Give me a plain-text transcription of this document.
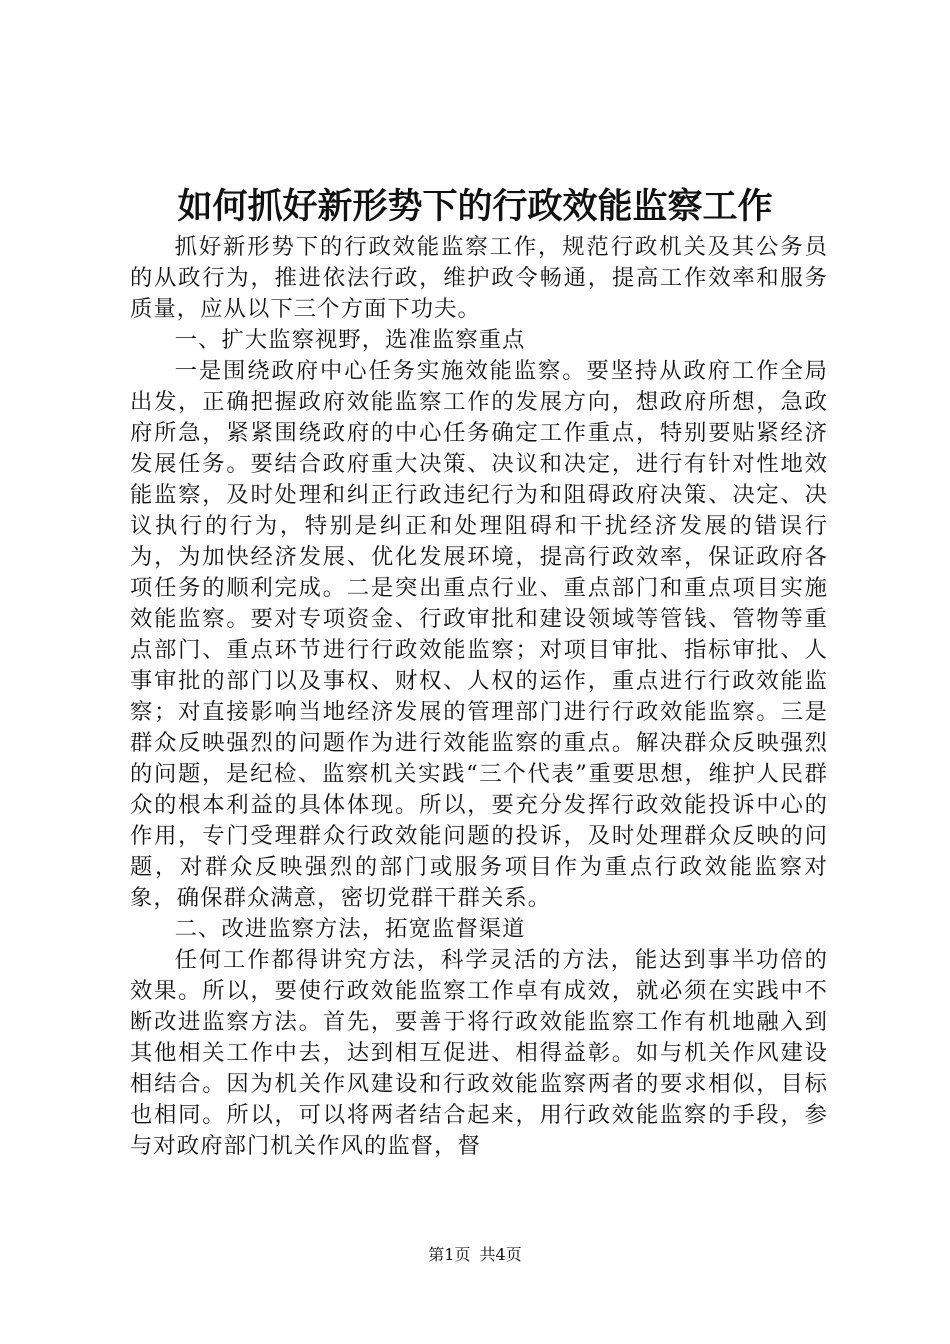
如何抓好新形势下的行政效能监察工作

抓好新形势下的行政效能监察工作，规范行政机关及其公务员的从政行为，推进依法行政，维护政令畅通，提高工作效率和服务质量，应从以下三个方面下功夫。

一、扩大监察视野，选准监察重点

一是围绕政府中心任务实施效能监察。要坚持从政府工作全局出发，正确把握政府效能监察工作的发展方向，想政府所想，急政府所急，紧紧围绕政府的中心任务确定工作重点，特别要贴紧经济发展任务。要结合政府重大决策、决议和决定，进行有针对性地效能监察，及时处理和纠正行政违纪行为和阻碍政府决策、决定、决议执行的行为，特别是纠正和处理阻碍和干扰经济发展的错误行为，为加快经济发展、优化发展环境，提高行政效率，保证政府各项任务的顺利完成。二是突出重点行业、重点部门和重点项目实施效能监察。要对专项资金、行政审批和建设领域等管钱、管物等重点部门、重点环节进行行政效能监察；对项目审批、指标审批、人事审批的部门以及事权、财权、人权的运作，重点进行行政效能监察；对直接影响当地经济发展的管理部门进行行政效能监察。三是群众反映强烈的问题作为进行效能监察的重点。解决群众反映强烈的问题，是纪检、监察机关实践“三个代表”重要思想，维护人民群众的根本利益的具体体现。所以，要充分发挥行政效能投诉中心的作用，专门受理群众行政效能问题的投诉，及时处理群众反映的问题，对群众反映强烈的部门或服务项目作为重点行政效能监察对象，确保群众满意，密切党群干群关系。

二、改进监察方法，拓宽监督渠道

任何工作都得讲究方法，科学灵活的方法，能达到事半功倍的效果。所以，要使行政效能监察工作卓有成效，就必须在实践中不断改进监察方法。首先，要善于将行政效能监察工作有机地融入到其他相关工作中去，达到相互促进、相得益彰。如与机关作风建设相结合。因为机关作风建设和行政效能监察两者的要求相似，目标也相同。所以，可以将两者结合起来，用行政效能监察的手段，参与对政府部门机关作风的监督，督

第1页 共4页
